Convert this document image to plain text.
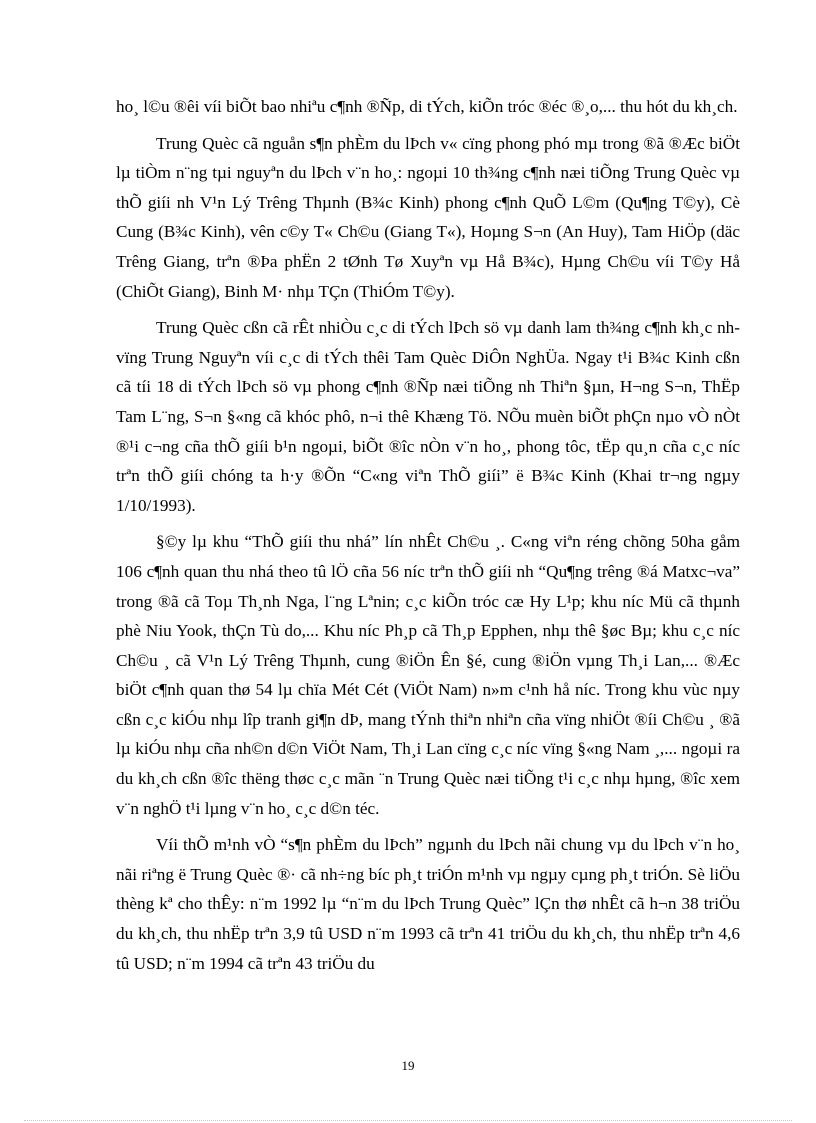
ho¸ l©u ®êi víi biÕt bao nhiªu c¶nh ®Ñp, di tÝch, kiÕn tróc ®éc ®¸o,... thu hót du kh¸ch.

Trung Quèc cã nguån s¶n phÈm du lÞch v« cïng phong phó mµ trong ®ã ®Æc biÖt lµ tiÒm n¨ng tµi nguyªn du lÞch v¨n ho¸: ngoµi 10 th¾ng c¶nh næi tiÕng Trung Quèc vµ thÕ giíi nh V¹n Lý Trêng Thµnh (B¾c Kinh) phong c¶nh QuÕ L©m (Qu¶ng T©y), Cè Cung (B¾c Kinh), vên c©y T« Ch©u (Giang T«), Hoµng S¬n (An Huy), Tam HiÖp (däc Trêng Giang, trªn ®Þa phËn 2 tØnh Tø Xuyªn vµ Hå B¾c), Hµng Ch©u víi T©y Hå (ChiÕt Giang), Binh M· nhµ TÇn (ThiÓm T©y).

Trung Quèc cßn cã rÊt nhiÒu c¸c di tÝch lÞch sö vµ danh lam th¾ng c¶nh kh¸c nh vïng Trung Nguyªn víi c¸c di tÝch thêi Tam Quèc DiÔn NghÜa. Ngay t¹i B¾c Kinh cßn cã tíi 18 di tÝch lÞch sö vµ phong c¶nh ®Ñp næi tiÕng nh Thiªn §µn, H¬ng S¬n, ThËp Tam L¨ng, S¬n §«ng cã khóc phô, n¬i thê Khæng Tö. NÕu muèn biÕt phÇn nµo vÒ nÒt ®¹i c¬ng cña thÕ giíi b¹n ngoµi, biÕt ®îc nÒn v¨n ho¸, phong tôc, tËp qu¸n cña c¸c níc trªn thÕ giíi chóng ta h·y ®Õn “C«ng viªn ThÕ giíi” ë B¾c Kinh (Khai tr¬ng ngµy 1/10/1993).

§©y lµ khu “ThÕ giíi thu nhá” lín nhÊt Ch©u ¸. C«ng viªn réng chõng 50ha gåm 106 c¶nh quan thu nhá theo tû lÖ cña 56 níc trªn thÕ giíi nh “Qu¶ng trêng ®á Matxc¬va” trong ®ã cã Toµ Th¸nh Nga, l¨ng Lªnin; c¸c kiÕn tróc cæ Hy L¹p; khu níc Mü cã thµnh phè Niu Yook, thÇn Tù do,... Khu níc Ph¸p cã Th¸p Epphen, nhµ thê §øc Bµ; khu c¸c níc Ch©u ¸ cã V¹n Lý Trêng Thµnh, cung ®iÖn Ên §é, cung ®iÖn vµng Th¸i Lan,... ®Æc biÖt c¶nh quan thø 54 lµ chïa Mét Cét (ViÖt Nam) n»m c¹nh hå níc. Trong khu vùc nµy cßn c¸c kiÓu nhµ lîp tranh gi¶n dÞ, mang tÝnh thiªn nhiªn cña vïng nhiÖt ®íi Ch©u ¸ ®ã lµ kiÓu nhµ cña nh©n d©n ViÖt Nam, Th¸i Lan cïng c¸c níc vïng §«ng Nam ¸,... ngoµi ra du kh¸ch cßn ®îc thëng thøc c¸c mãn ¨n Trung Quèc næi tiÕng t¹i c¸c nhµ hµng, ®îc xem v¨n nghÖ t¹i lµng v¨n ho¸ c¸c d©n téc.

Víi thÕ m¹nh vÒ “s¶n phÈm du lÞch” ngµnh du lÞch nãi chung vµ du lÞch v¨n ho¸ nãi riªng ë Trung Quèc ®· cã nh÷ng bíc ph¸t triÓn m¹nh vµ ngµy cµng ph¸t triÓn. Sè liÖu thèng kª cho thÊy: n¨m 1992 lµ “n¨m du lÞch Trung Quèc” lÇn thø nhÊt cã h¬n 38 triÖu du kh¸ch, thu nhËp trªn 3,9 tû USD n¨m 1993 cã trªn 41 triÖu du kh¸ch, thu nhËp trªn 4,6 tû USD; n¨m 1994 cã trªn 43 triÖu du

19
